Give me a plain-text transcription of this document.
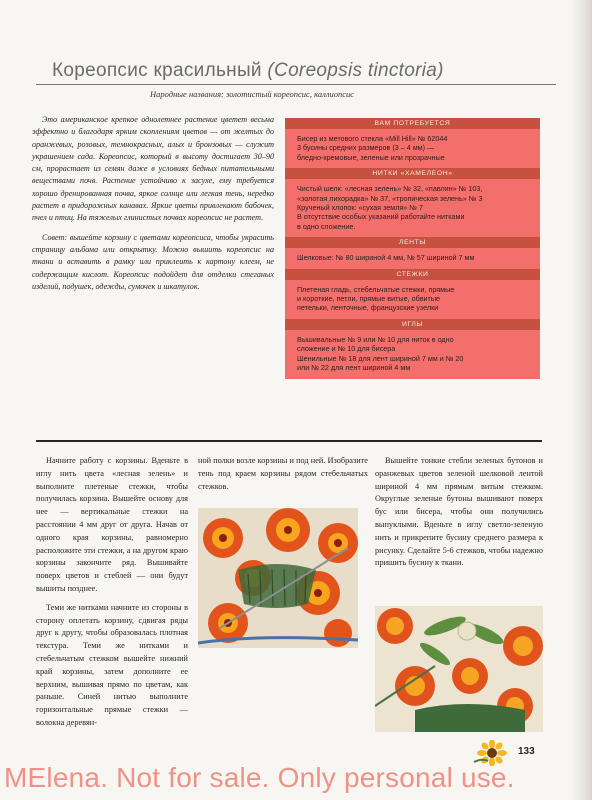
Кореопсис красильный (Coreopsis tinctoria)
Народные названия: золотистый кореопсис, каллиопсис

Это американское крепкое однолетнее растение цветет весьма эффектно и благодаря ярким скоплениям цветов — от желтых до оранжевых, розовых, темнокрасных, алых и бронзовых — служит украшением сада. Кореопсис, который в высоту достигает 30–90 см, прорастает из семян даже в условиях бедных питательными веществами почв. Растение устойчиво к засухе, ему требуется хорошо дренированная почва, яркое солнце или легкая тень, нередко растет в придорожных канавах. Яркие цветы привлекают бабочек, пчел и птиц. На тяжелых глинистых почвах кореопсис не растет.

Совет: вышейте корзину с цветами кореопсиса, чтобы украсить страницу альбома или открытку. Можно вышить кореопсис на ткани и вставить в рамку или приклеить к картону клеем, не содержащим кислот. Кореопсис подойдет для отделки стеганых изделий, подушек, одежды, сумочек и шкатулок.

ВАМ ПОТРЕБУЕТСЯ
Бисер из метового стекла «Mill Hill» № 62044
3 бусины средних размеров (3 – 4 мм) —
бледно-кремовые, зеленые или прозрачные
НИТКИ «ХАМЕЛЕОН»
Чистый шелк: «лесная зелень» № 32, «павлин» № 103,
«золотая лихорадка» № 37, «тропическая зелень» № 3
Крученый хлопок: «сухая земля» № 7
В отсутствие особых указаний работайте нитками
в одно сложение.
ЛЕНТЫ
Шелковые: № 80 шириной 4 мм, № 57 шириной 7 мм
СТЕЖКИ
Плетеная гладь, стебельчатые стежки, прямые
и короткие, петли, прямые витые, обвитые
петельки, ленточные, французские узелки
ИГЛЫ
Вышивальные № 9 или № 10 для ниток в одно
сложение и № 10 для бисера
Шенильные № 18 для лент шириной 7 мм и № 20
или № 22 для лент шириной 4 мм

Начните работу с корзины. Вденьте в иглу нить цвета «лесная зелень» и выполните плетеные стежки, чтобы получилась корзина. Вышейте основу для нее — вертикальные стежки на расстоянии 4 мм друг от друга. Начав от одного края корзины, равномерно расположите эти стежки, а на другом краю корзины закончите ряд. Вышивайте поверх цветов и стеблей — они будут вышиты позднее.

Теми же нитками начните из стороны в сторону оплетать корзину, сдвигая ряды друг к другу, чтобы образовалась плотная текстура. Теми же нитками и стебельчатым стежком вышейте нижний край корзины, затем дополните ее верхним, вышивая прямо по цветам, как раньше. Синей нитью выполните горизонтальные прямые стежки — волокна деревян-

ной полки возле корзины и под ней. Изобразите тень под краем корзины рядом стебельчатых стежков.

Вышейте тонкие стебли зеленых бутонов и оранжевых цветов зеленой шелковой лентой шириной 4 мм прямым витым стежком. Округлые зеленые бутоны вышивают поверх бус или бисера, чтобы они получились выпуклыми. Вденьте в иглу светло-зеленую нить и прикрепите бусину среднего размера к рисунку. Сделайте 5-6 стежков, чтобы надежно пришить бусину к ткани.

133
MElena. Not for sale. Only personal use.
